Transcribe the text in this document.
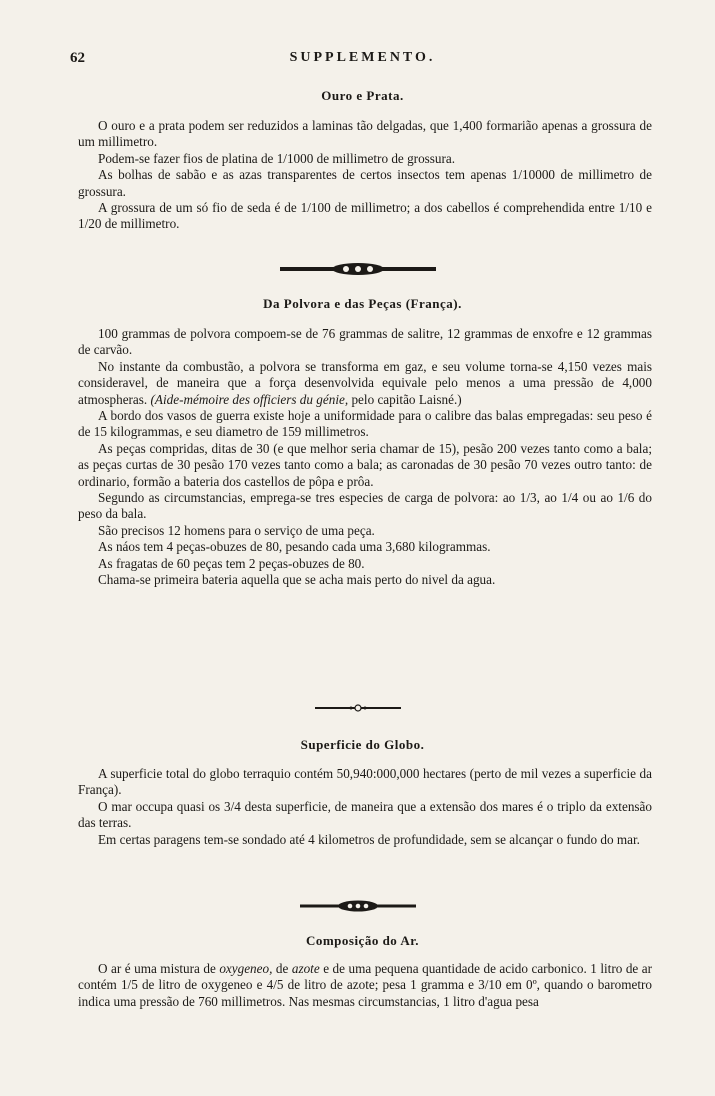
62	SUPPLEMENTO.
Ouro e Prata.

O ouro e a prata podem ser reduzidos a laminas tão delgadas, que 1,400 formarião apenas a grossura de um millimetro.

Podem-se fazer fios de platina de 1/1000 de millimetro de grossura.

As bolhas de sabão e as azas transparentes de certos insectos tem apenas 1/10000 de millimetro de grossura.

A grossura de um só fio de seda é de 1/100 de millimetro; a dos cabellos é comprehendida entre 1/10 e 1/20 de millimetro.

Da Polvora e das Peças (França).

100 grammas de polvora compoem-se de 76 grammas de salitre, 12 grammas de enxofre e 12 grammas de carvão.

No instante da combustão, a polvora se transforma em gaz, e seu volume torna-se 4,150 vezes mais consideravel, de maneira que a força desenvolvida equivale pelo menos a uma pressão de 4,000 atmospheras. (Aide-mémoire des officiers du génie, pelo capitão Laisné.)

A bordo dos vasos de guerra existe hoje a uniformidade para o calibre das balas empregadas: seu peso é de 15 kilogrammas, e seu diametro de 159 millimetros.

As peças compridas, ditas de 30 (e que melhor seria chamar de 15), pesão 200 vezes tanto como a bala; as peças curtas de 30 pesão 170 vezes tanto como a bala; as caronadas de 30 pesão 70 vezes outro tanto: de ordinario, formão a bateria dos castellos de pôpa e prôa.

Segundo as circumstancias, emprega-se tres especies de carga de polvora: ao 1/3, ao 1/4 ou ao 1/6 do peso da bala.

São precisos 12 homens para o serviço de uma peça.

As náos tem 4 peças-obuzes de 80, pesando cada uma 3,680 kilogrammas.

As fragatas de 60 peças tem 2 peças-obuzes de 80.

Chama-se primeira bateria aquella que se acha mais perto do nivel da agua.

Superficie do Globo.

A superficie total do globo terraquio contém 50,940:000,000 hectares (perto de mil vezes a superficie da França).

O mar occupa quasi os 3/4 desta superficie, de maneira que a extensão dos mares é o triplo da extensão das terras.

Em certas paragens tem-se sondado até 4 kilometros de profundidade, sem se alcançar o fundo do mar.

Composição do Ar.

O ar é uma mistura de oxygeneo, de azote e de uma pequena quantidade de acido carbonico. 1 litro de ar contém 1/5 de litro de oxygeneo e 4/5 de litro de azote; pesa 1 gramma e 3/10 em 0º, quando o barometro indica uma pressão de 760 millimetros. Nas mesmas circumstancias, 1 litro d'agua pesa
